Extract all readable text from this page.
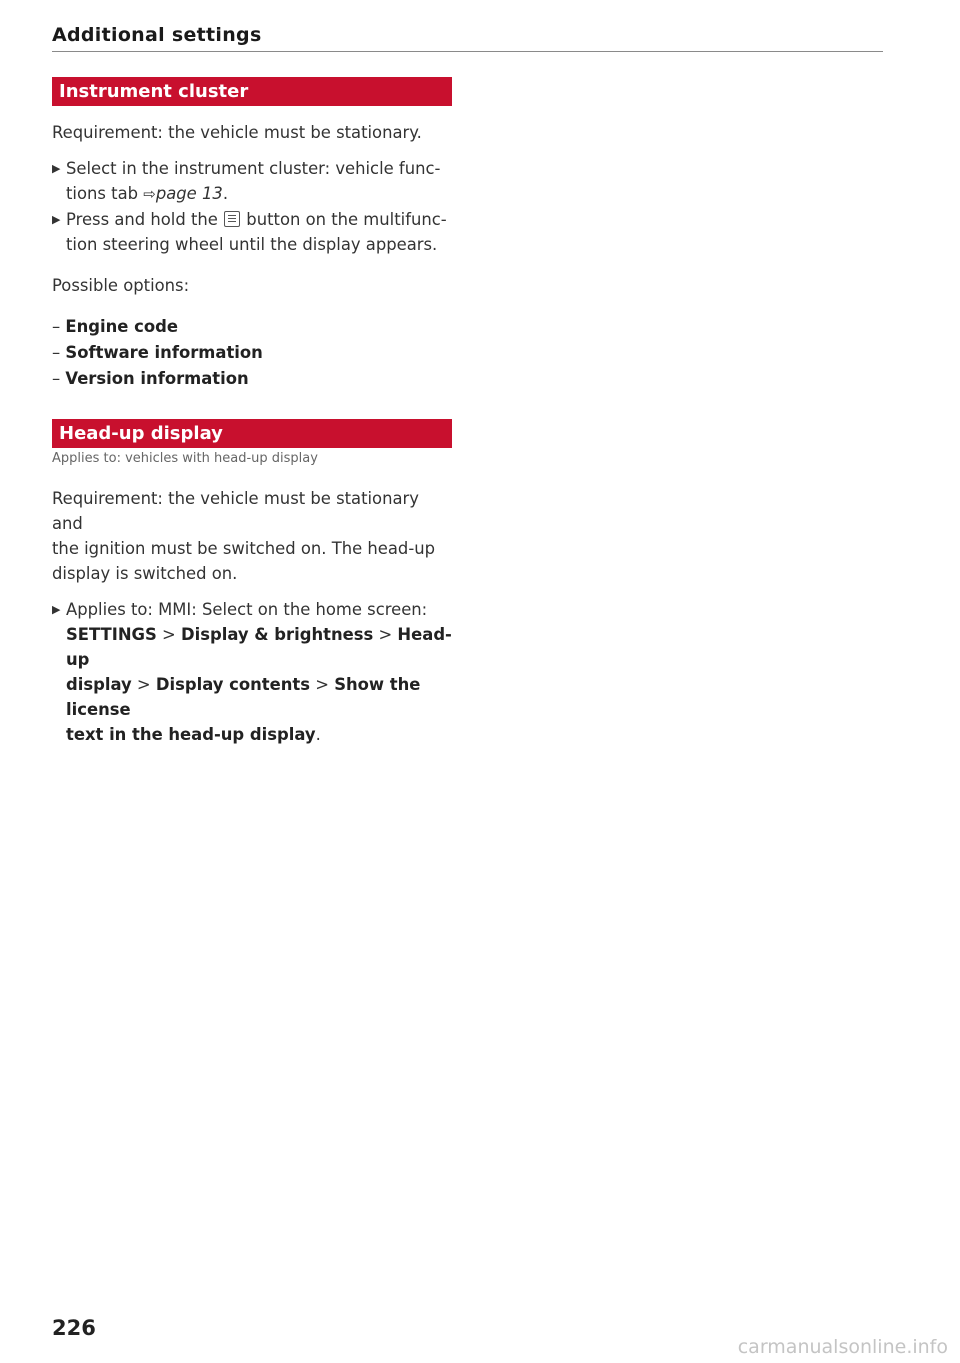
Additional settings
Instrument cluster

Requirement: the vehicle must be stationary.

▶ Select in the instrument cluster: vehicle func-
tions tab ⇨page 13.
▶ Press and hold the
button on the multifunc-
tion steering wheel until the display appears.

Possible options:

– Engine code

– Software information

– Version information

Head-up display
Applies to: vehicles with head-up display

Requirement: the vehicle must be stationary and

the ignition must be switched on. The head-up

display is switched on.

▶ Applies to: MMI: Select on the home screen:
SETTINGS > Display & brightness > Head-up
display > Display contents > Show the license
text in the head-up display.
226
carmanualsonline.info
